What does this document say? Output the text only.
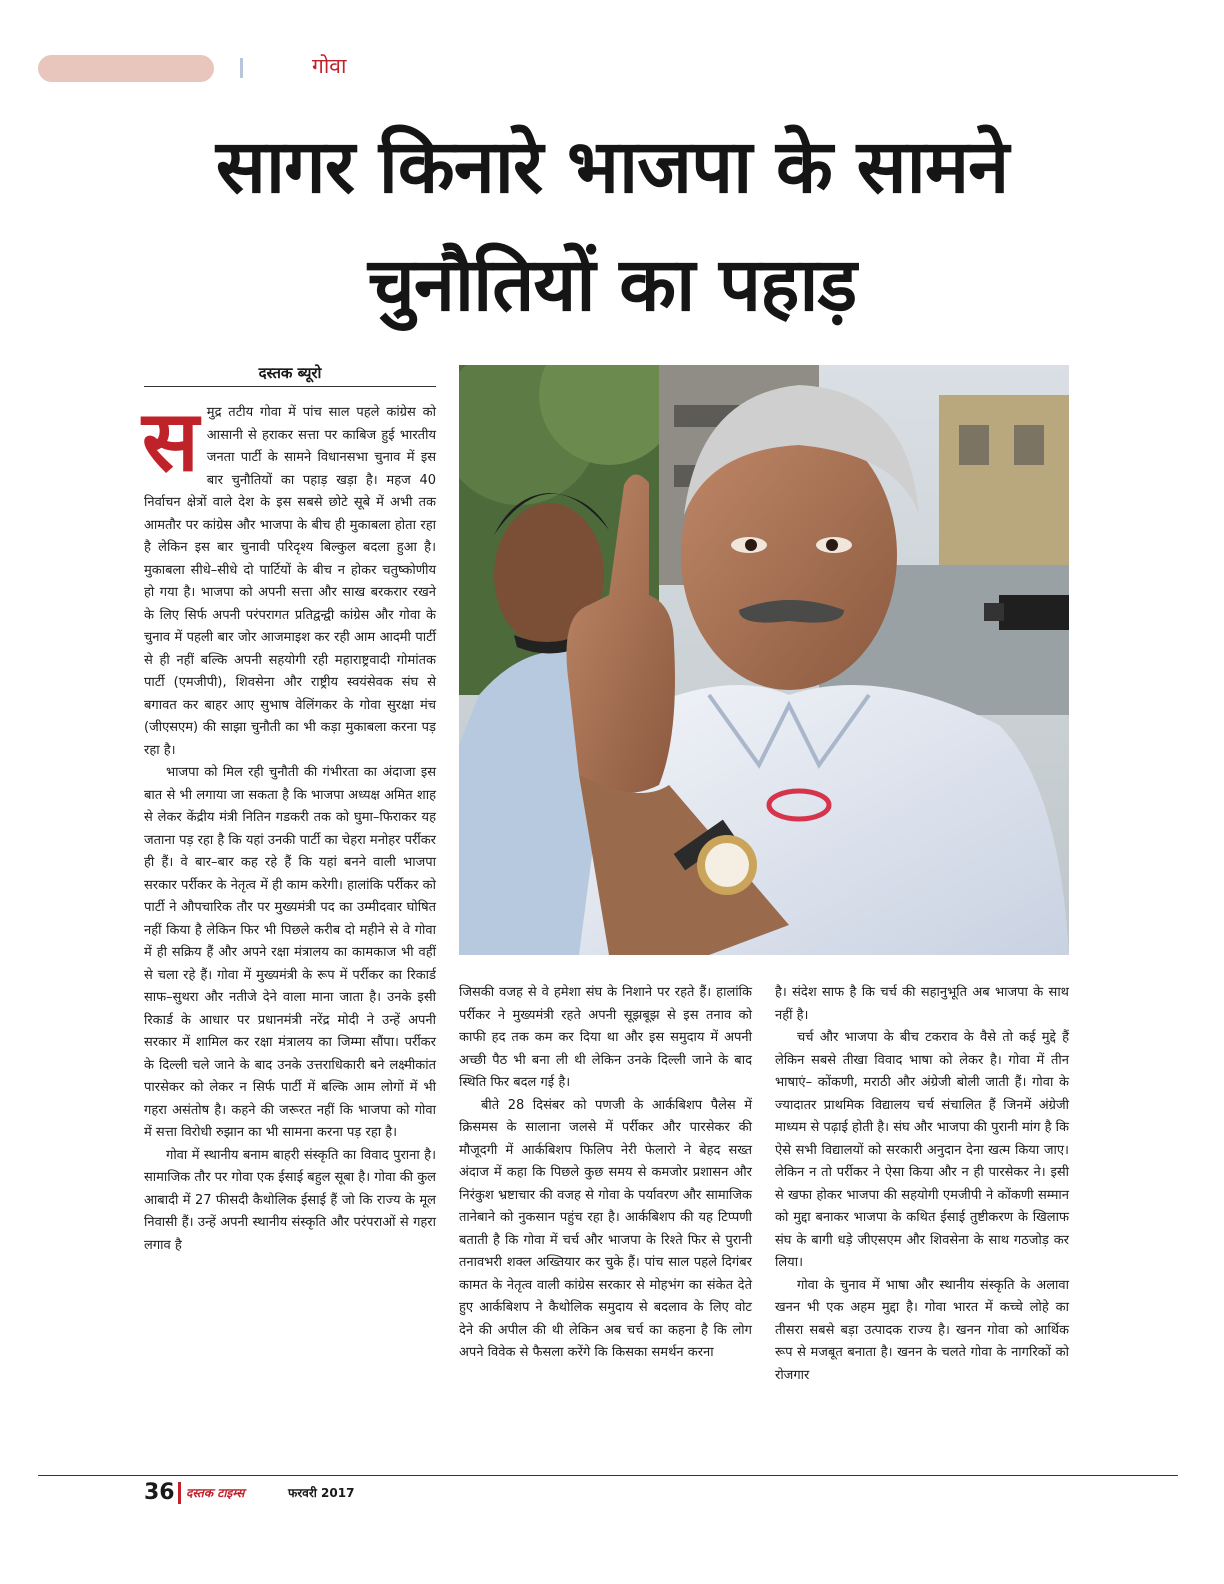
गोवा
सागर किनारे भाजपा के सामने
चुनौतियों का पहाड़
दस्तक ब्यूरो

समुद्र तटीय गोवा में पांच साल पहले कांग्रेस को आसानी से हराकर सत्ता पर काबिज हुई भारतीय जनता पार्टी के सामने विधानसभा चुनाव में इस बार चुनौतियों का पहाड़ खड़ा है। महज 40 निर्वाचन क्षेत्रों वाले देश के इस सबसे छोटे सूबे में अभी तक आमतौर पर कांग्रेस और भाजपा के बीच ही मुकाबला होता रहा है लेकिन इस बार चुनावी परिदृश्य बिल्कुल बदला हुआ है। मुकाबला सीधे–सीधे दो पार्टियों के बीच न होकर चतुष्कोणीय हो गया है। भाजपा को अपनी सत्ता और साख बरकरार रखने के लिए सिर्फ अपनी परंपरागत प्रतिद्वन्द्वी कांग्रेस और गोवा के चुनाव में पहली बार जोर आजमाइश कर रही आम आदमी पार्टी से ही नहीं बल्कि अपनी सहयोगी रही महाराष्ट्रवादी गोमांतक पार्टी (एमजीपी), शिवसेना और राष्ट्रीय स्वयंसेवक संघ से बगावत कर बाहर आए सुभाष वेलिंगकर के गोवा सुरक्षा मंच (जीएसएम) की साझा चुनौती का भी कड़ा मुकाबला करना पड़ रहा है।

भाजपा को मिल रही चुनौती की गंभीरता का अंदाजा इस बात से भी लगाया जा सकता है कि भाजपा अध्यक्ष अमित शाह से लेकर केंद्रीय मंत्री नितिन गडकरी तक को घुमा–फिराकर यह जताना पड़ रहा है कि यहां उनकी पार्टी का चेहरा मनोहर पर्रीकर ही हैं। वे बार–बार कह रहे हैं कि यहां बनने वाली भाजपा सरकार पर्रीकर के नेतृत्व में ही काम करेगी। हालांकि पर्रीकर को पार्टी ने औपचारिक तौर पर मुख्यमंत्री पद का उम्मीदवार घोषित नहीं किया है लेकिन फिर भी पिछले करीब दो महीने से वे गोवा में ही सक्रिय हैं और अपने रक्षा मंत्रालय का कामकाज भी वहीं से चला रहे हैं। गोवा में मुख्यमंत्री के रूप में पर्रीकर का रिकार्ड साफ–सुथरा और नतीजे देने वाला माना जाता है। उनके इसी रिकार्ड के आधार पर प्रधानमंत्री नरेंद्र मोदी ने उन्हें अपनी सरकार में शामिल कर रक्षा मंत्रालय का जिम्मा सौंपा। पर्रीकर के दिल्ली चले जाने के बाद उनके उत्तराधिकारी बने लक्ष्मीकांत पारसेकर को लेकर न सिर्फ पार्टी में बल्कि आम लोगों में भी गहरा असंतोष है। कहने की जरूरत नहीं कि भाजपा को गोवा में सत्ता विरोधी रुझान का भी सामना करना पड़ रहा है।

गोवा में स्थानीय बनाम बाहरी संस्कृति का विवाद पुराना है। सामाजिक तौर पर गोवा एक ईसाई बहुल सूबा है। गोवा की कुल आबादी में 27 फीसदी कैथोलिक ईसाई हैं जो कि राज्य के मूल निवासी हैं। उन्हें अपनी स्थानीय संस्कृति और परंपराओं से गहरा लगाव है

जिसकी वजह से वे हमेशा संघ के निशाने पर रहते हैं। हालांकि पर्रीकर ने मुख्यमंत्री रहते अपनी सूझबूझ से इस तनाव को काफी हद तक कम कर दिया था और इस समुदाय में अपनी अच्छी पैठ भी बना ली थी लेकिन उनके दिल्ली जाने के बाद स्थिति फिर बदल गई है।

बीते 28 दिसंबर को पणजी के आर्कबिशप पैलेस में क्रिसमस के सालाना जलसे में पर्रीकर और पारसेकर की मौजूदगी में आर्कबिशप फिलिप नेरी फेलारो ने बेहद सख्त अंदाज में कहा कि पिछले कुछ समय से कमजोर प्रशासन और निरंकुश भ्रष्टाचार की वजह से गोवा के पर्यावरण और सामाजिक तानेबाने को नुकसान पहुंच रहा है। आर्कबिशप की यह टिप्पणी बताती है कि गोवा में चर्च और भाजपा के रिश्ते फिर से पुरानी तनावभरी शक्ल अख्तियार कर चुके हैं। पांच साल पहले दिगंबर कामत के नेतृत्व वाली कांग्रेस सरकार से मोहभंग का संकेत देते हुए आर्कबिशप ने कैथोलिक समुदाय से बदलाव के लिए वोट देने की अपील की थी लेकिन अब चर्च का कहना है कि लोग अपने विवेक से फैसला करेंगे कि किसका समर्थन करना

है। संदेश साफ है कि चर्च की सहानुभूति अब भाजपा के साथ नहीं है।

चर्च और भाजपा के बीच टकराव के वैसे तो कई मुद्दे हैं लेकिन सबसे तीखा विवाद भाषा को लेकर है। गोवा में तीन भाषाएं– कोंकणी, मराठी और अंग्रेजी बोली जाती हैं। गोवा के ज्यादातर प्राथमिक विद्यालय चर्च संचालित हैं जिनमें अंग्रेजी माध्यम से पढ़ाई होती है। संघ और भाजपा की पुरानी मांग है कि ऐसे सभी विद्यालयों को सरकारी अनुदान देना खत्म किया जाए। लेकिन न तो पर्रीकर ने ऐसा किया और न ही पारसेकर ने। इसी से खफा होकर भाजपा की सहयोगी एमजीपी ने कोंकणी सम्मान को मुद्दा बनाकर भाजपा के कथित ईसाई तुष्टीकरण के खिलाफ संघ के बागी धड़े जीएसएम और शिवसेना के साथ गठजोड़ कर लिया।

गोवा के चुनाव में भाषा और स्थानीय संस्कृति के अलावा खनन भी एक अहम मुद्दा है। गोवा भारत में कच्चे लोहे का तीसरा सबसे बड़ा उत्पादक राज्य है। खनन गोवा को आर्थिक रूप से मजबूत बनाता है। खनन के चलते गोवा के नागरिकों को रोजगार

36 दस्तक टाइम्स	फरवरी 2017
